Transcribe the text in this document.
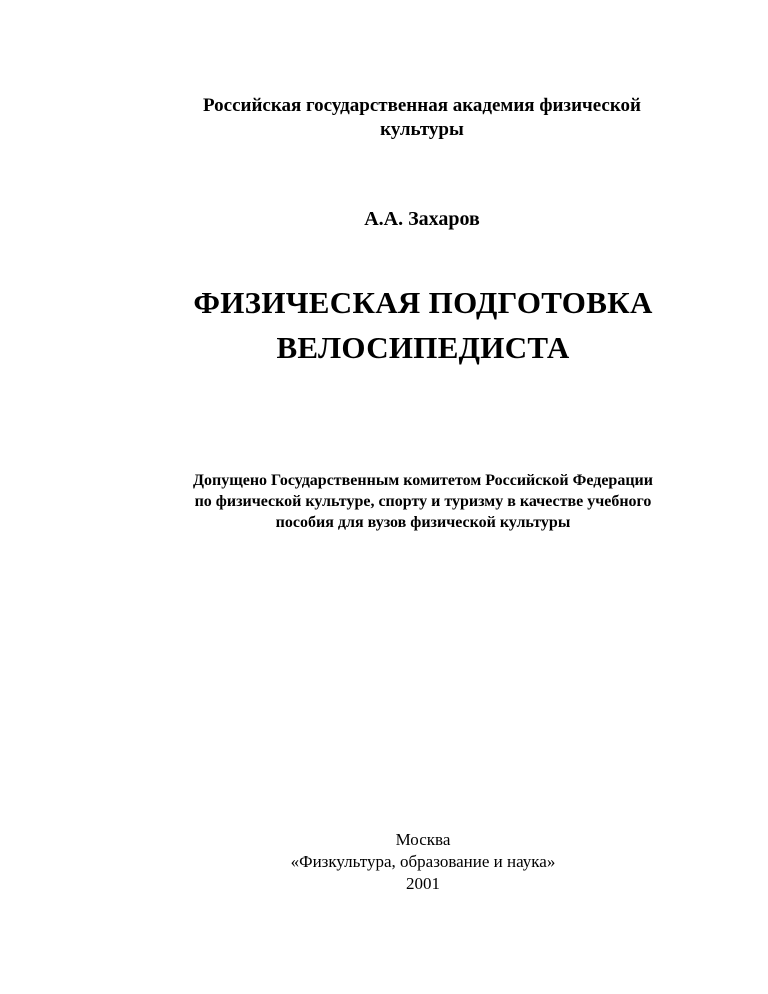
Российская государственная академия физической
культуры
А.А. Захаров
ФИЗИЧЕСКАЯ ПОДГОТОВКА
ВЕЛОСИПЕДИСТА
Допущено Государственным комитетом Российской Федерации
по физической культуре, спорту и туризму в качестве учебного
пособия для вузов физической культуры
Москва
«Физкультура, образование и наука»
2001
